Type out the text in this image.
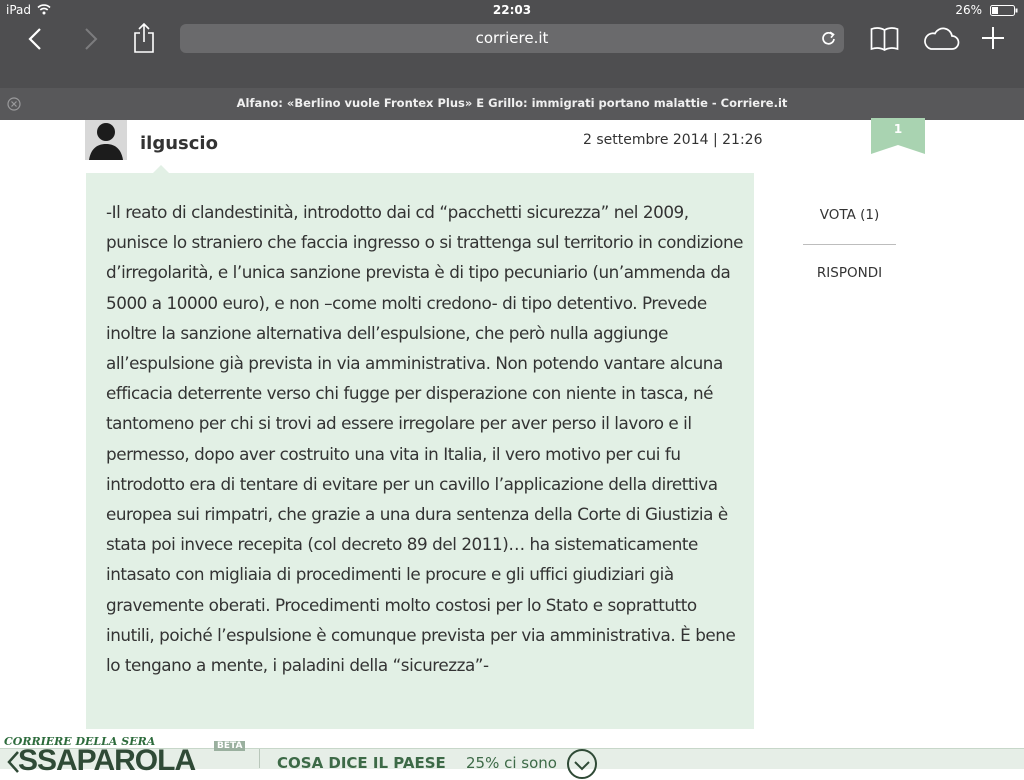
iPad	22:03	26%
corriere.it
Alfano: «Berlino vuole Frontex Plus» E Grillo: immigrati portano malattie - Corriere.it
ilguscio	2 settembre 2014 | 21:26
-Il reato di clandestinità, introdotto dai cd “pacchetti sicurezza” nel 2009, punisce lo straniero che faccia ingresso o si trattenga sul territorio in condizione d’irregolarità, e l’unica sanzione prevista è di tipo pecuniario (un’ammenda da 5000 a 10000 euro), e non –come molti credono- di tipo detentivo. Prevede inoltre la sanzione alternativa dell’espulsione, che però nulla aggiunge all’espulsione già prevista in via amministrativa. Non potendo vantare alcuna efficacia deterrente verso chi fugge per disperazione con niente in tasca, né tantomeno per chi si trovi ad essere irregolare per aver perso il lavoro e il permesso, dopo aver costruito una vita in Italia, il vero motivo per cui fu introdotto era di tentare di evitare per un cavillo l’applicazione della direttiva europea sui rimpatri, che grazie a una dura sentenza della Corte di Giustizia è stata poi invece recepita (col decreto 89 del 2011)… ha sistematicamente intasato con migliaia di procedimenti le procure e gli uffici giudiziari già gravemente oberati. Procedimenti molto costosi per lo Stato e soprattutto inutili, poiché l’espulsione è comunque prevista per via amministrativa. È bene lo tengano a mente, i paladini della “sicurezza”-
1
VOTA (1)
RISPONDI
SSAPAROLA
CORRIERE DELLA SERA	BETA
COSA DICE IL PAESE 25% ci sono
